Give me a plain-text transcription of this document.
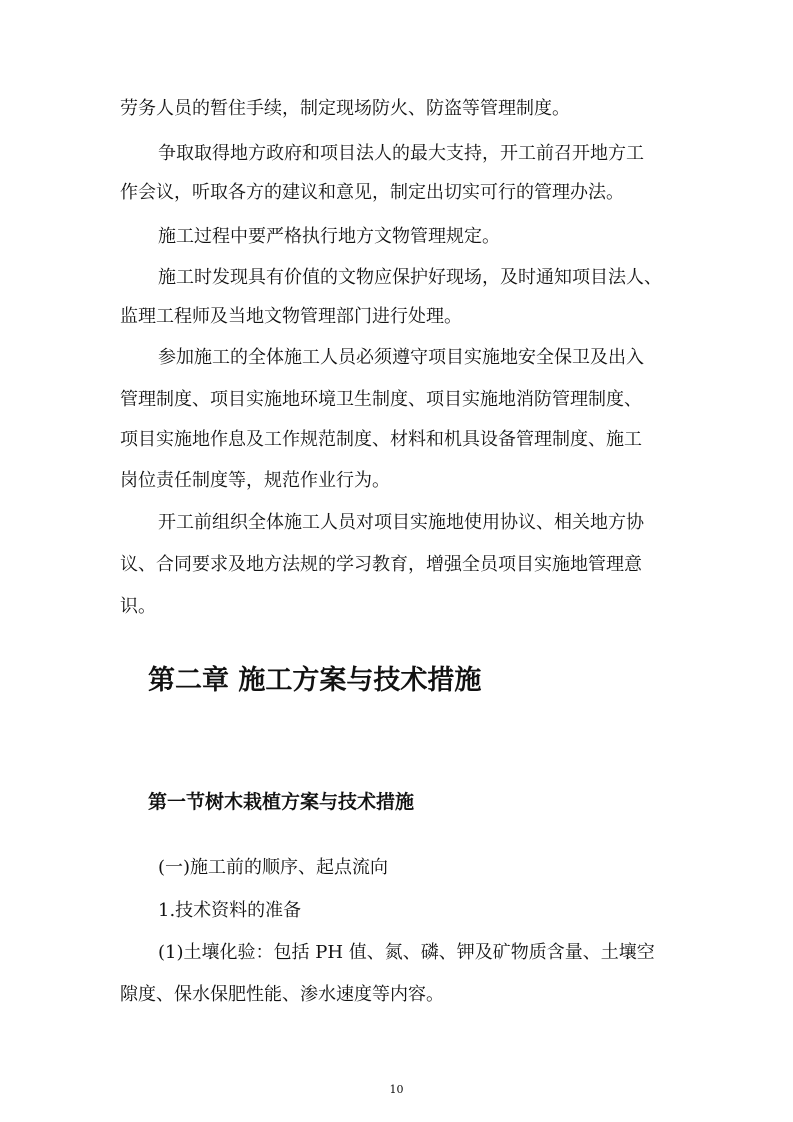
劳务人员的暂住手续，制定现场防火、防盗等管理制度。
争取取得地方政府和项目法人的最大支持，开工前召开地方工
作会议，听取各方的建议和意见，制定出切实可行的管理办法。
施工过程中要严格执行地方文物管理规定。
施工时发现具有价值的文物应保护好现场，及时通知项目法人、
监理工程师及当地文物管理部门进行处理。
参加施工的全体施工人员必须遵守项目实施地安全保卫及出入
管理制度、项目实施地环境卫生制度、项目实施地消防管理制度、
项目实施地作息及工作规范制度、材料和机具设备管理制度、施工
岗位责任制度等，规范作业行为。
开工前组织全体施工人员对项目实施地使用协议、相关地方协
议、合同要求及地方法规的学习教育，增强全员项目实施地管理意
识。
第二章 施工方案与技术措施
第一节树木栽植方案与技术措施
(一)施工前的顺序、起点流向
1.技术资料的准备
(1)土壤化验：包括 PH 值、氮、磷、钾及矿物质含量、土壤空
隙度、保水保肥性能、渗水速度等内容。
10
